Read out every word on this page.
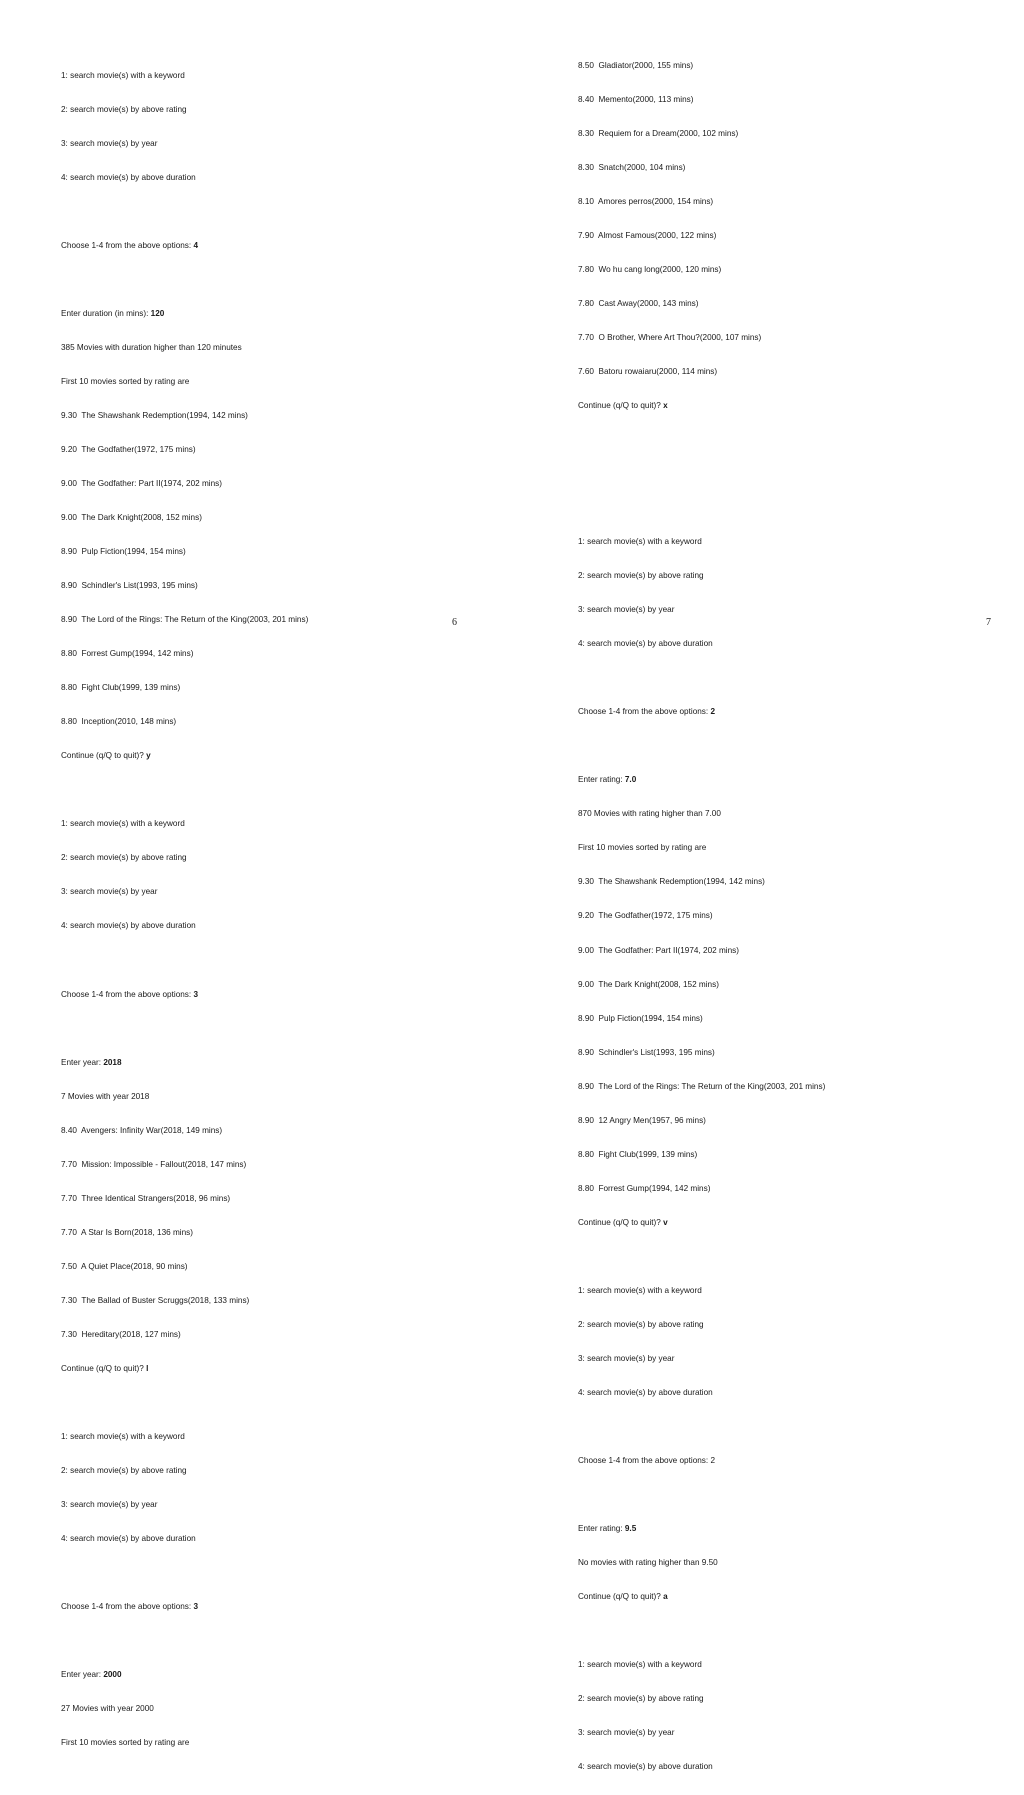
1: search movie(s) with a keyword

2: search movie(s) by above rating

3: search movie(s) by year

4: search movie(s) by above duration

Choose 1-4 from the above options: 4

Enter duration (in mins): 120

385 Movies with duration higher than 120 minutes

First 10 movies sorted by rating are

9.30  The Shawshank Redemption(1994, 142 mins)

9.20  The Godfather(1972, 175 mins)

9.00  The Godfather: Part II(1974, 202 mins)

9.00  The Dark Knight(2008, 152 mins)

8.90  Pulp Fiction(1994, 154 mins)

8.90  Schindler's List(1993, 195 mins)

8.90  The Lord of the Rings: The Return of the King(2003, 201 mins)

8.80  Forrest Gump(1994, 142 mins)

8.80  Fight Club(1999, 139 mins)

8.80  Inception(2010, 148 mins)

Continue (q/Q to quit)? y

1: search movie(s) with a keyword

2: search movie(s) by above rating

3: search movie(s) by year

4: search movie(s) by above duration

Choose 1-4 from the above options: 3

Enter year: 2018

7 Movies with year 2018

8.40  Avengers: Infinity War(2018, 149 mins)

7.70  Mission: Impossible - Fallout(2018, 147 mins)

7.70  Three Identical Strangers(2018, 96 mins)

7.70  A Star Is Born(2018, 136 mins)

7.50  A Quiet Place(2018, 90 mins)

7.30  The Ballad of Buster Scruggs(2018, 133 mins)

7.30  Hereditary(2018, 127 mins)

Continue (q/Q to quit)? l

1: search movie(s) with a keyword

2: search movie(s) by above rating

3: search movie(s) by year

4: search movie(s) by above duration

Choose 1-4 from the above options: 3

Enter year: 2000

27 Movies with year 2000

First 10 movies sorted by rating are

6

8.50  Gladiator(2000, 155 mins)

8.40  Memento(2000, 113 mins)

8.30  Requiem for a Dream(2000, 102 mins)

8.30  Snatch(2000, 104 mins)

8.10  Amores perros(2000, 154 mins)

7.90  Almost Famous(2000, 122 mins)

7.80  Wo hu cang long(2000, 120 mins)

7.80  Cast Away(2000, 143 mins)

7.70  O Brother, Where Art Thou?(2000, 107 mins)

7.60  Batoru rowaiaru(2000, 114 mins)

Continue (q/Q to quit)? x

1: search movie(s) with a keyword

2: search movie(s) by above rating

3: search movie(s) by year

4: search movie(s) by above duration

Choose 1-4 from the above options: 2

Enter rating: 7.0

870 Movies with rating higher than 7.00

First 10 movies sorted by rating are

9.30  The Shawshank Redemption(1994, 142 mins)

9.20  The Godfather(1972, 175 mins)

9.00  The Godfather: Part II(1974, 202 mins)

9.00  The Dark Knight(2008, 152 mins)

8.90  Pulp Fiction(1994, 154 mins)

8.90  Schindler's List(1993, 195 mins)

8.90  The Lord of the Rings: The Return of the King(2003, 201 mins)

8.90  12 Angry Men(1957, 96 mins)

8.80  Fight Club(1999, 139 mins)

8.80  Forrest Gump(1994, 142 mins)

Continue (q/Q to quit)? v

1: search movie(s) with a keyword

2: search movie(s) by above rating

3: search movie(s) by year

4: search movie(s) by above duration

Choose 1-4 from the above options: 2

Enter rating: 9.5

No movies with rating higher than 9.50

Continue (q/Q to quit)? a

1: search movie(s) with a keyword

2: search movie(s) by above rating

3: search movie(s) by year

4: search movie(s) by above duration

7
